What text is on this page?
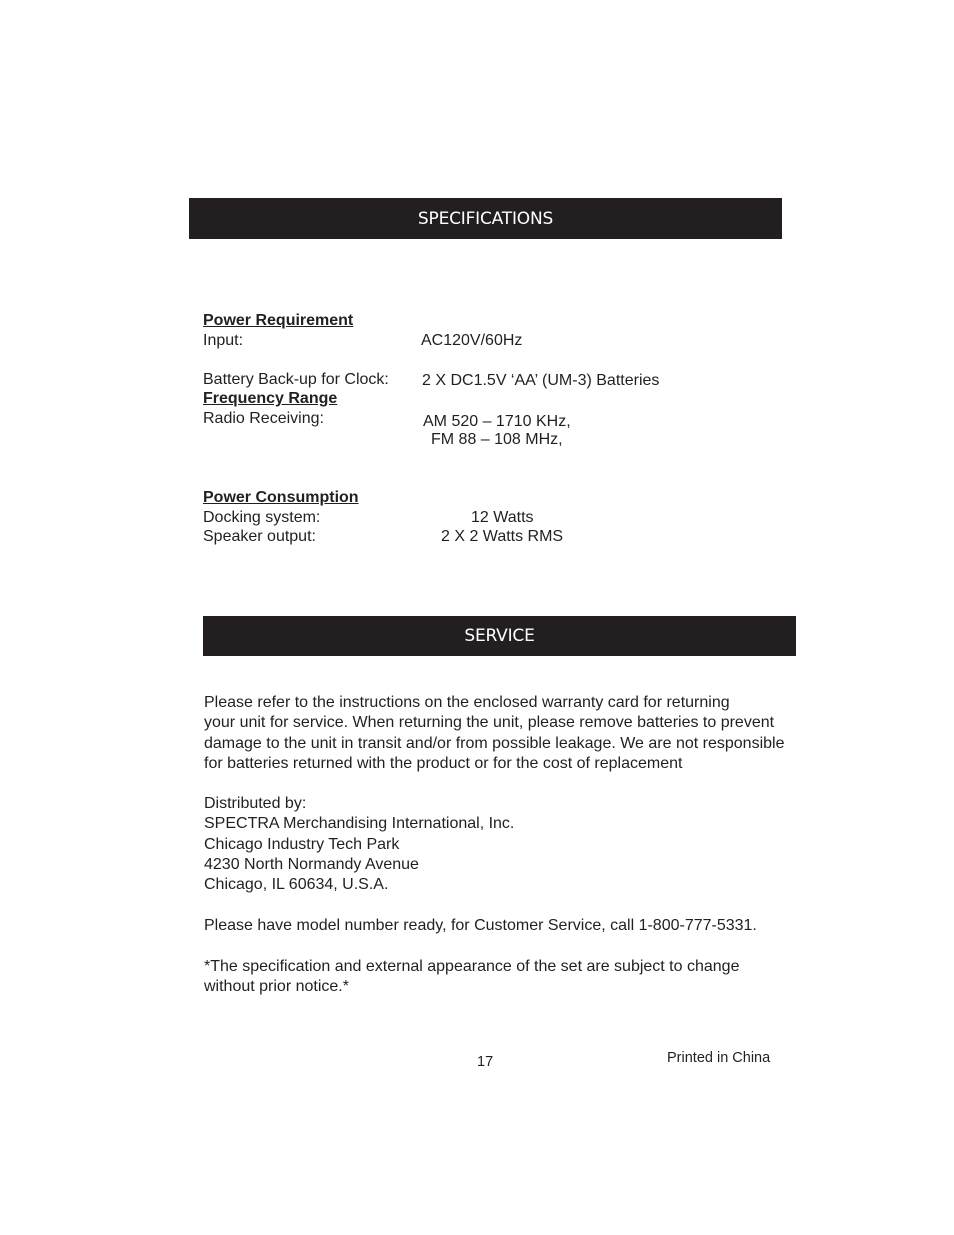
SPECIFICATIONS
Power Requirement
Input:	AC120V/60Hz
Battery Back-up for Clock: 2 X DC1.5V ‘AA’ (UM-3) Batteries
Frequency Range
Radio Receiving:	AM 520 – 1710 KHz,
FM 88 – 108 MHz,
Power Consumption
Docking system:	12 Watts
Speaker output:	2 X 2 Watts RMS
SERVICE
Please refer to the instructions on the enclosed warranty card for returning
your unit for service. When returning the unit, please remove batteries to prevent
damage to the unit in transit and/or from possible leakage. We are not responsible
for batteries returned with the product or for the cost of replacement
Distributed by:
SPECTRA Merchandising International, Inc.
Chicago Industry Tech Park
4230 North Normandy Avenue
Chicago, IL 60634, U.S.A.
Please have model number ready, for Customer Service, call 1-800-777-5331.
*The specification and external appearance of the set are subject to change
without prior notice.*
17	Printed in China
